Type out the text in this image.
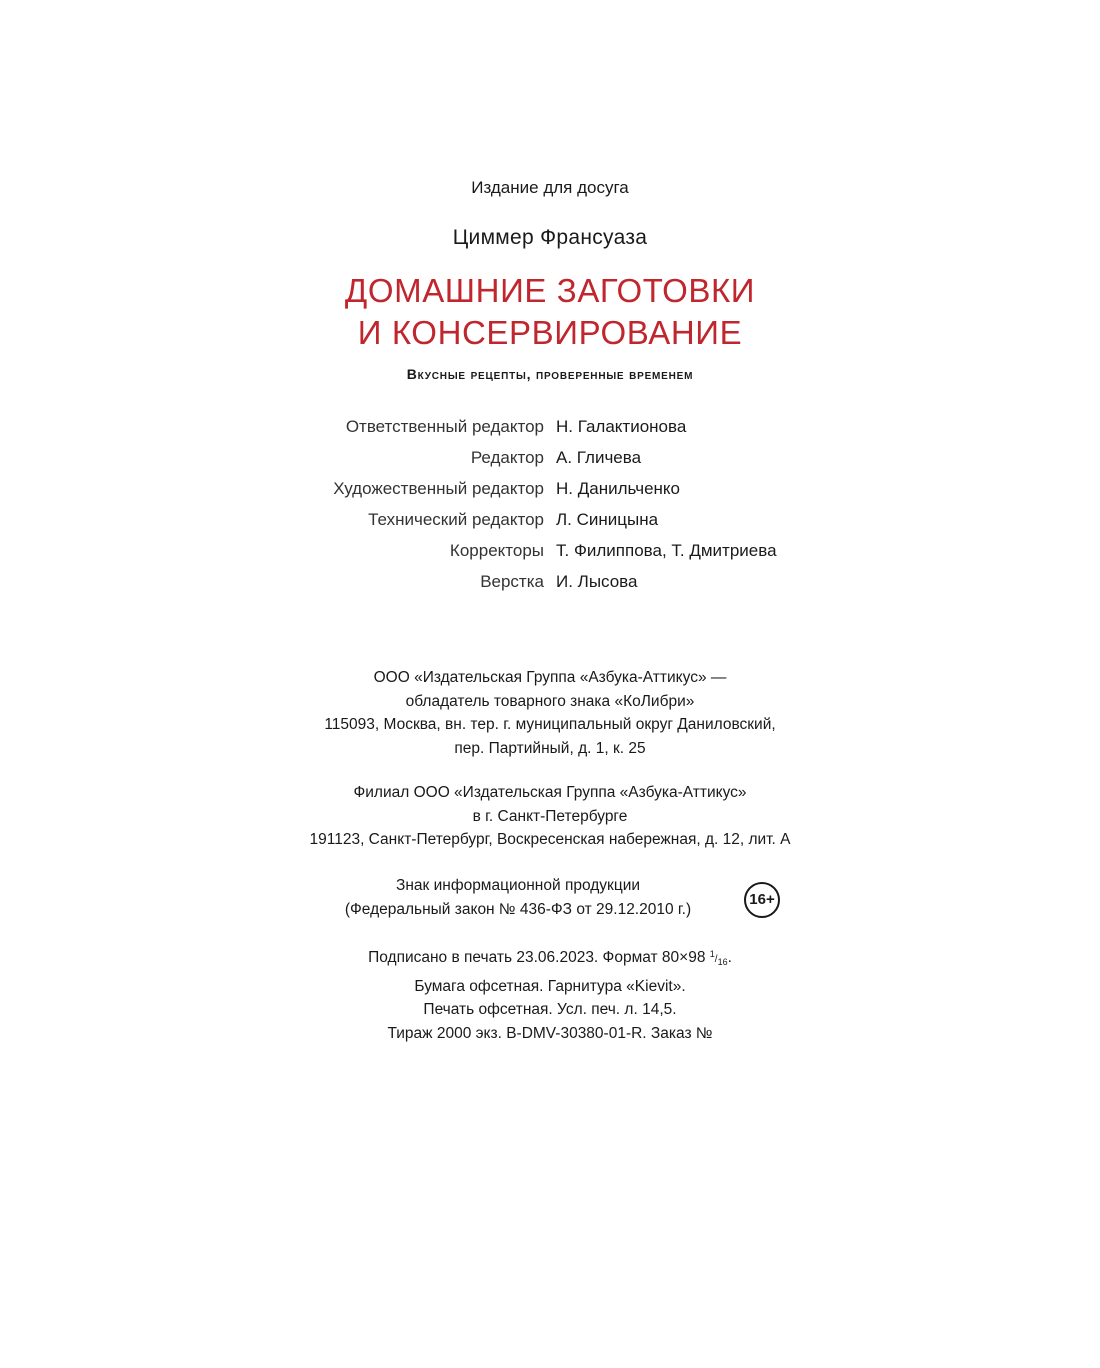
Издание для досуга
Циммер Франсуаза
ДОМАШНИЕ ЗАГОТОВКИ
И КОНСЕРВИРОВАНИЕ
Вкусные рецепты, проверенные временем
Ответственный редактор Н. Галактионова
Редактор А. Гличева
Художественный редактор Н. Данильченко
Технический редактор Л. Синицына
Корректоры Т. Филиппова, Т. Дмитриева
Верстка И. Лысова
ООО «Издательская Группа «Азбука-Аттикус» —
обладатель товарного знака «КоЛибри»
115093, Москва, вн. тер. г. муниципальный округ Даниловский,
пер. Партийный, д. 1, к. 25
Филиал ООО «Издательская Группа «Азбука-Аттикус»
в г. Санкт-Петербурге
191123, Санкт-Петербург, Воскресенская набережная, д. 12, лит. А
Знак информационной продукции
(Федеральный закон № 436-ФЗ от 29.12.2010 г.)
16+
Подписано в печать 23.06.2023. Формат 80×98 $^1/_{16}$.
Бумага офсетная. Гарнитура «Kievit».
Печать офсетная. Усл. печ. л. 14,5.
Тираж 2000 экз. B-DMV-30380-01-R. Заказ №
